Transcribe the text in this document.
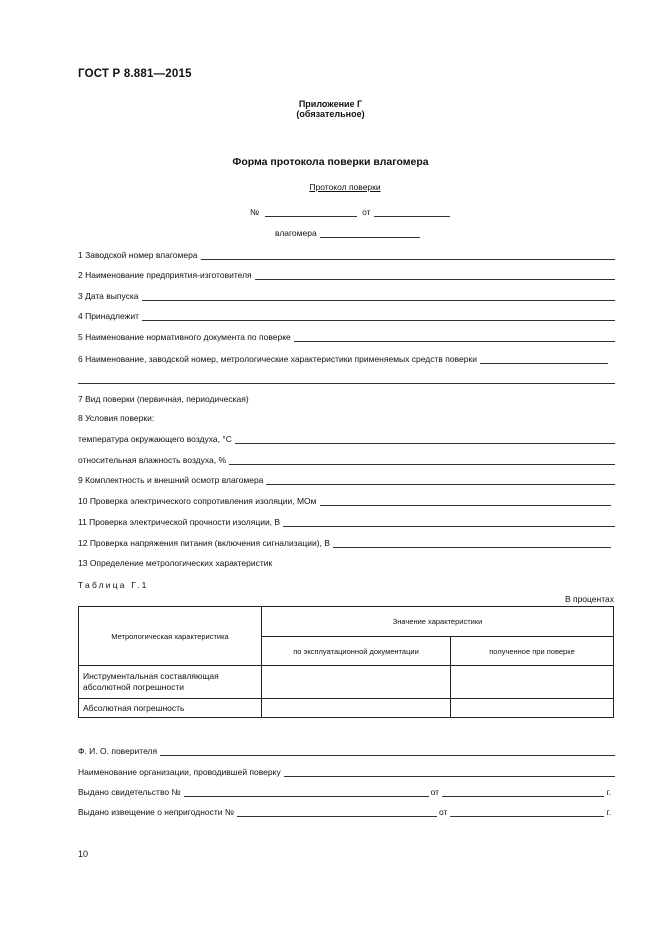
ГОСТ Р 8.881—2015
Приложение Г
(обязательное)
Форма протокола поверки влагомера
Протокол поверки
№	от
влагомера
1 Заводской номер влагомера
2 Наименование предприятия-изготовителя
3 Дата выпуска
4 Принадлежит
5 Наименование нормативного документа по поверке
6 Наименование, заводской номер, метрологические характеристики применяемых средств поверки
7 Вид поверки (первичная, периодическая)
8 Условия поверки:
температура окружающего воздуха, °С
относительная влажность воздуха, %
9 Комплектность и внешний осмотр влагомера
10 Проверка электрического сопротивления изоляции, МОм
11 Проверка электрической прочности изоляции, В
12 Проверка напряжения питания (включения сигнализации), В
13 Определение метрологических характеристик
Таблица Г.1
В процентах
Метрологическая характеристика	Значение характеристики	
	по эксплуатационной документации	полученное при поверке
Инструментальная составляющая абсолютной погрешности		
Абсолютная погрешность		
Ф. И. О. поверителя
Наименование организации, проводившей поверку
Выдано свидетельство №	от	г.
Выдано извещение о непригодности №	от	г.
10
